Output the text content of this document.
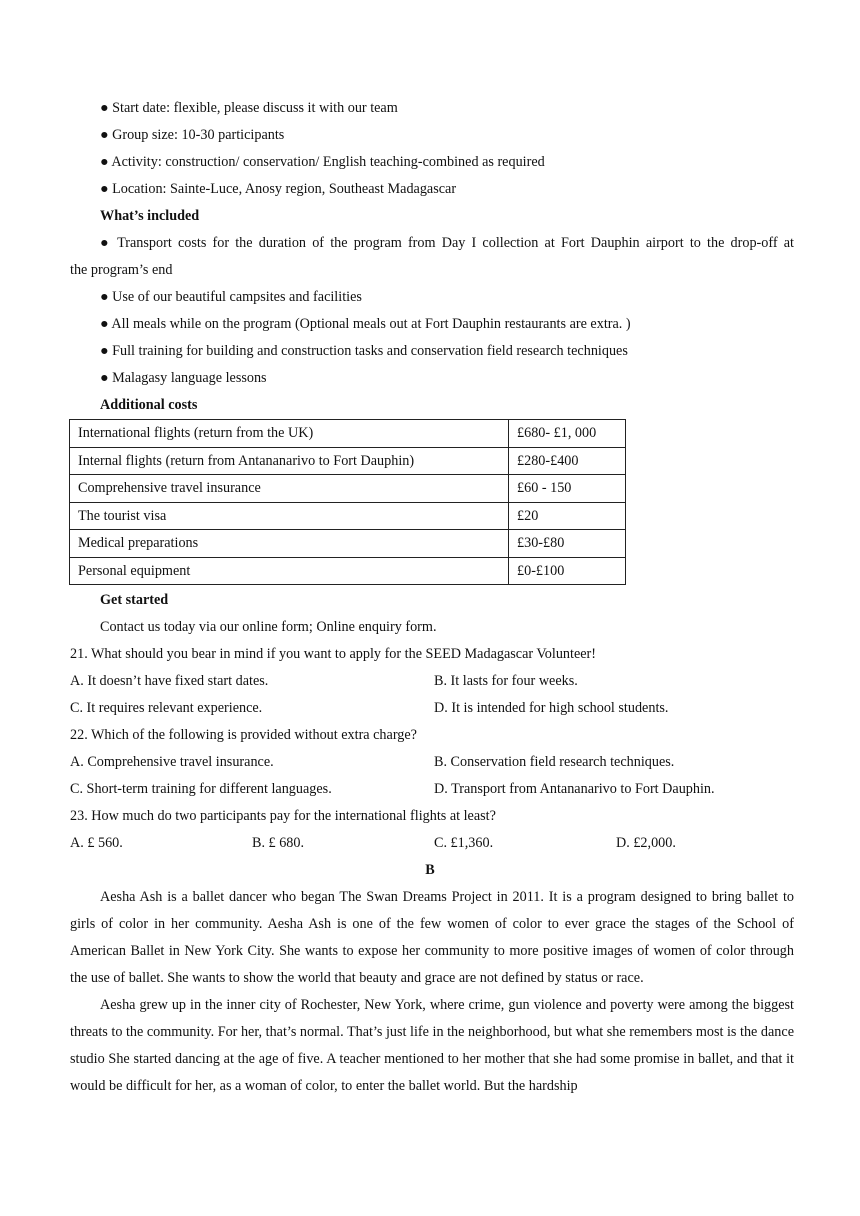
● Start date: flexible, please discuss it with our team
● Group size: 10-30 participants
● Activity: construction/ conservation/ English teaching-combined as required
● Location: Sainte-Luce, Anosy region, Southeast Madagascar
What’s included
● Transport costs for the duration of the program from Day I collection at Fort Dauphin airport to the drop-off at
the program’s end
● Use of our beautiful campsites and facilities
● All meals while on the program (Optional meals out at Fort Dauphin restaurants are extra. )
● Full training for building and construction tasks and conservation field research techniques
● Malagasy language lessons
Additional costs
International flights (return from the UK)	£680- £1, 000
Internal flights (return from Antananarivo to Fort Dauphin)	£280-£400
Comprehensive travel insurance	£60 - 150
The tourist visa	£20
Medical preparations	£30-£80
Personal equipment	£0-£100
Get started
Contact us today via our online form; Online enquiry form.
21. What should you bear in mind if you want to apply for the SEED Madagascar Volunteer!
A. It doesn’t have fixed start dates.	B. It lasts for four weeks.
C. It requires relevant experience.	D. It is intended for high school students.
22. Which of the following is provided without extra charge?
A. Comprehensive travel insurance.	B. Conservation field research techniques.
C. Short-term training for different languages.	D. Transport from Antananarivo to Fort Dauphin.
23. How much do two participants pay for the international flights at least?
A. £ 560.	B. £ 680.	C. £1,360.	D. £2,000.
B

Aesha Ash is a ballet dancer who began The Swan Dreams Project in 2011. It is a program designed to bring ballet to girls of color in her community. Aesha Ash is one of the few women of color to ever grace the stages of the School of American Ballet in New York City. She wants to expose her community to more positive images of women of color through the use of ballet. She wants to show the world that beauty and grace are not defined by status or race.

Aesha grew up in the inner city of Rochester, New York, where crime, gun violence and poverty were among the biggest threats to the community. For her, that’s normal. That’s just life in the neighborhood, but what she remembers most is the dance studio She started dancing at the age of five. A teacher mentioned to her mother that she had some promise in ballet, and that it would be difficult for her, as a woman of color, to enter the ballet world. But the hardship
